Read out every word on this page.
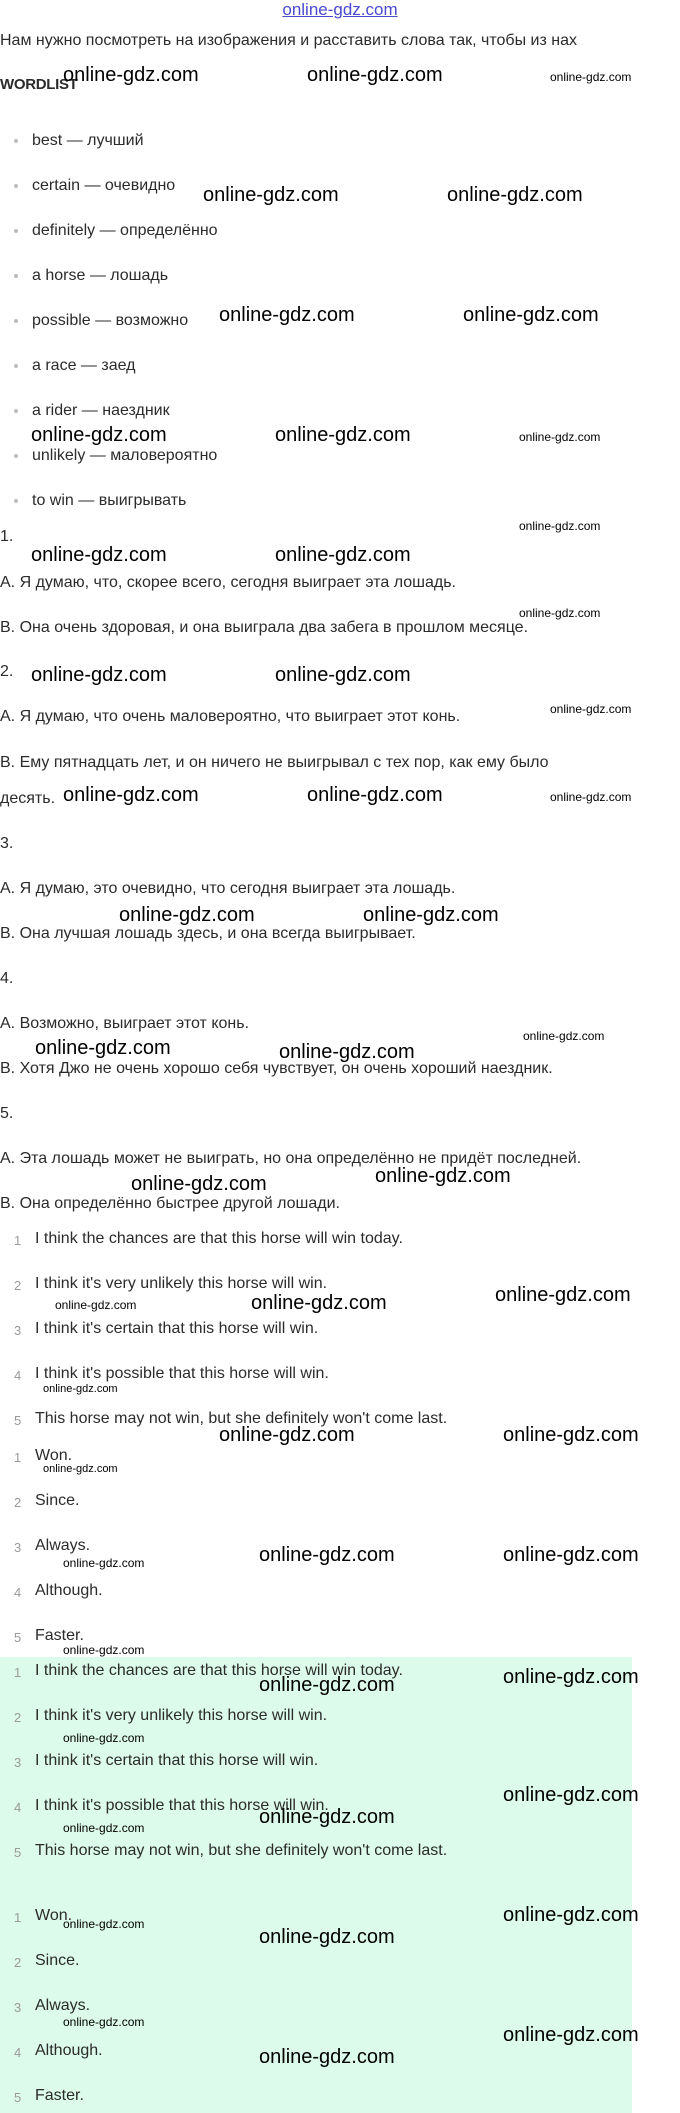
online-gdz.com
Нам нужно посмотреть на изображения и расставить слова так, чтобы из нах
WORDLIST
best — лучший
certain — очевидно
definitely — определённо
a horse — лошадь
possible — возможно
a race — заед
a rider — наездник
unlikely — маловероятно
to win — выигрывать
1.
A. Я думаю, что, скорее всего, сегодня выиграет эта лошадь.
B. Она очень здоровая, и она выиграла два забега в прошлом месяце.
2.
A. Я думаю, что очень маловероятно, что выиграет этот конь.
B. Ему пятнадцать лет, и он ничего не выигрывал с тех пор, как ему было
десять.
3.
A. Я думаю, это очевидно, что сегодня выиграет эта лошадь.
B. Она лучшая лошадь здесь, и она всегда выигрывает.
4.
A. Возможно, выиграет этот конь.
B. Хотя Джо не очень хорошо себя чувствует, он очень хороший наездник.
5.
A. Эта лошадь может не выиграть, но она определённо не придёт последней.
B. Она определённо быстрее другой лошади.
1 I think the chances are that this horse will win today.
2 I think it's very unlikely this horse will win.
3 I think it's certain that this horse will win.
4 I think it's possible that this horse will win.
5 This horse may not win, but she definitely won't come last.
1 Won.
2 Since.
3 Always.
4 Although.
5 Faster.
1 I think the chances are that this horse will win today.
2 I think it's very unlikely this horse will win.
3 I think it's certain that this horse will win.
4 I think it's possible that this horse will win.
5 This horse may not win, but she definitely won't come last.
1 Won.
2 Since.
3 Always.
4 Although.
5 Faster.
online-gdz.com	online-gdz.com	online-gdz.com
online-gdz.com	online-gdz.com
online-gdz.com	online-gdz.com
online-gdz.com	online-gdz.com	online-gdz.com
online-gdz.com
online-gdz.com	online-gdz.com
online-gdz.com
online-gdz.com	online-gdz.com
online-gdz.com
online-gdz.com	online-gdz.com	online-gdz.com
online-gdz.com	online-gdz.com
online-gdz.com	online-gdz.com
online-gdz.com
online-gdz.com	online-gdz.com
online-gdz.com	online-gdz.com	online-gdz.com
online-gdz.com
online-gdz.com	online-gdz.com
online-gdz.com
online-gdz.com	online-gdz.com	online-gdz.com
online-gdz.com
online-gdz.com	online-gdz.com
online-gdz.com
online-gdz.com
online-gdz.com
online-gdz.com
online-gdz.com
online-gdz.com
online-gdz.com
online-gdz.com
online-gdz.com
online-gdz.com
